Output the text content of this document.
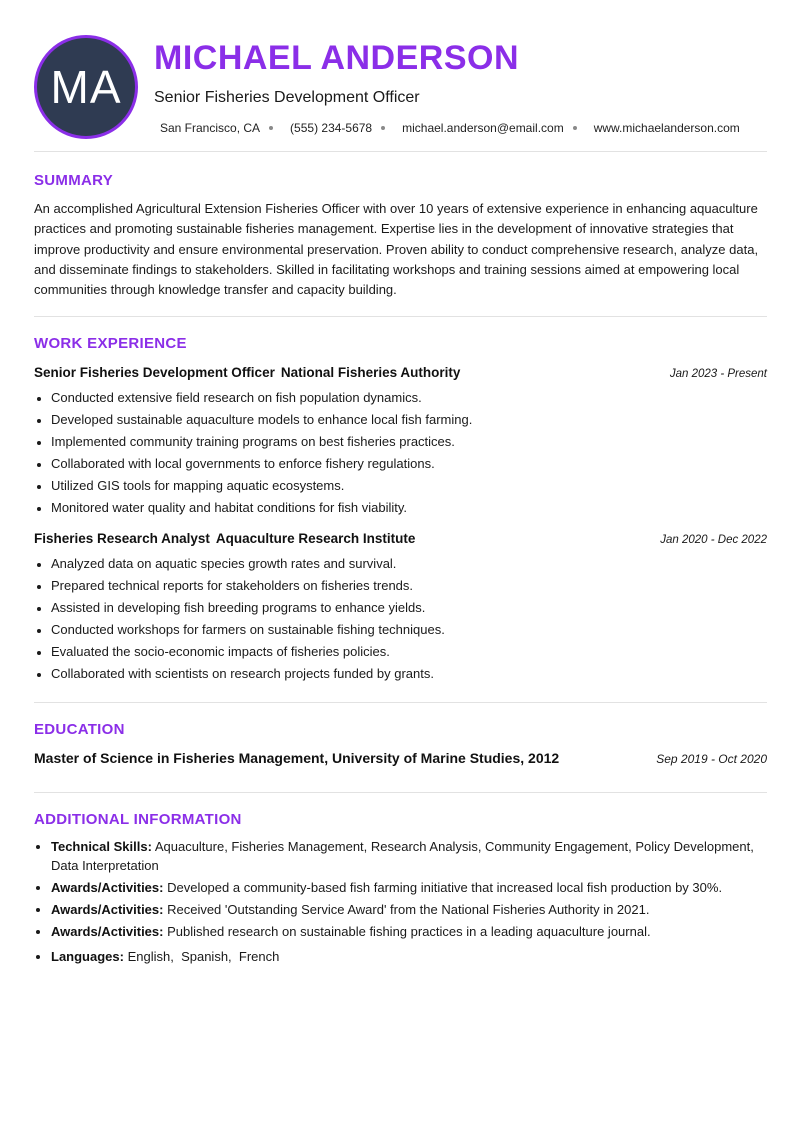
MA
MICHAEL ANDERSON
Senior Fisheries Development Officer
San Francisco, CA	(555) 234-5678	michael.anderson@email.com	www.michaelanderson.com
SUMMARY

An accomplished Agricultural Extension Fisheries Officer with over 10 years of extensive experience in enhancing aquaculture practices and promoting sustainable fisheries management. Expertise lies in the development of innovative strategies that improve productivity and ensure environmental preservation. Proven ability to conduct comprehensive research, analyze data, and disseminate findings to stakeholders. Skilled in facilitating workshops and training sessions aimed at empowering local communities through knowledge transfer and capacity building.

WORK EXPERIENCE
Senior Fisheries Development Officer National Fisheries Authority	Jan 2023 - Present
• Conducted extensive field research on fish population dynamics.
• Developed sustainable aquaculture models to enhance local fish farming.
• Implemented community training programs on best fisheries practices.
• Collaborated with local governments to enforce fishery regulations.
• Utilized GIS tools for mapping aquatic ecosystems.
• Monitored water quality and habitat conditions for fish viability.
Fisheries Research Analyst Aquaculture Research Institute	Jan 2020 - Dec 2022
• Analyzed data on aquatic species growth rates and survival.
• Prepared technical reports for stakeholders on fisheries trends.
• Assisted in developing fish breeding programs to enhance yields.
• Conducted workshops for farmers on sustainable fishing techniques.
• Evaluated the socio-economic impacts of fisheries policies.
• Collaborated with scientists on research projects funded by grants.
EDUCATION
Master of Science in Fisheries Management, University of Marine Studies, 2012	Sep 2019 - Oct 2020
ADDITIONAL INFORMATION
• Technical Skills: Aquaculture, Fisheries Management, Research Analysis, Community Engagement, Policy Development, Data Interpretation
• Awards/Activities: Developed a community-based fish farming initiative that increased local fish production by 30%.
• Awards/Activities: Received 'Outstanding Service Award' from the National Fisheries Authority in 2021.
• Awards/Activities: Published research on sustainable fishing practices in a leading aquaculture journal.
• Languages: English,  Spanish,  French
